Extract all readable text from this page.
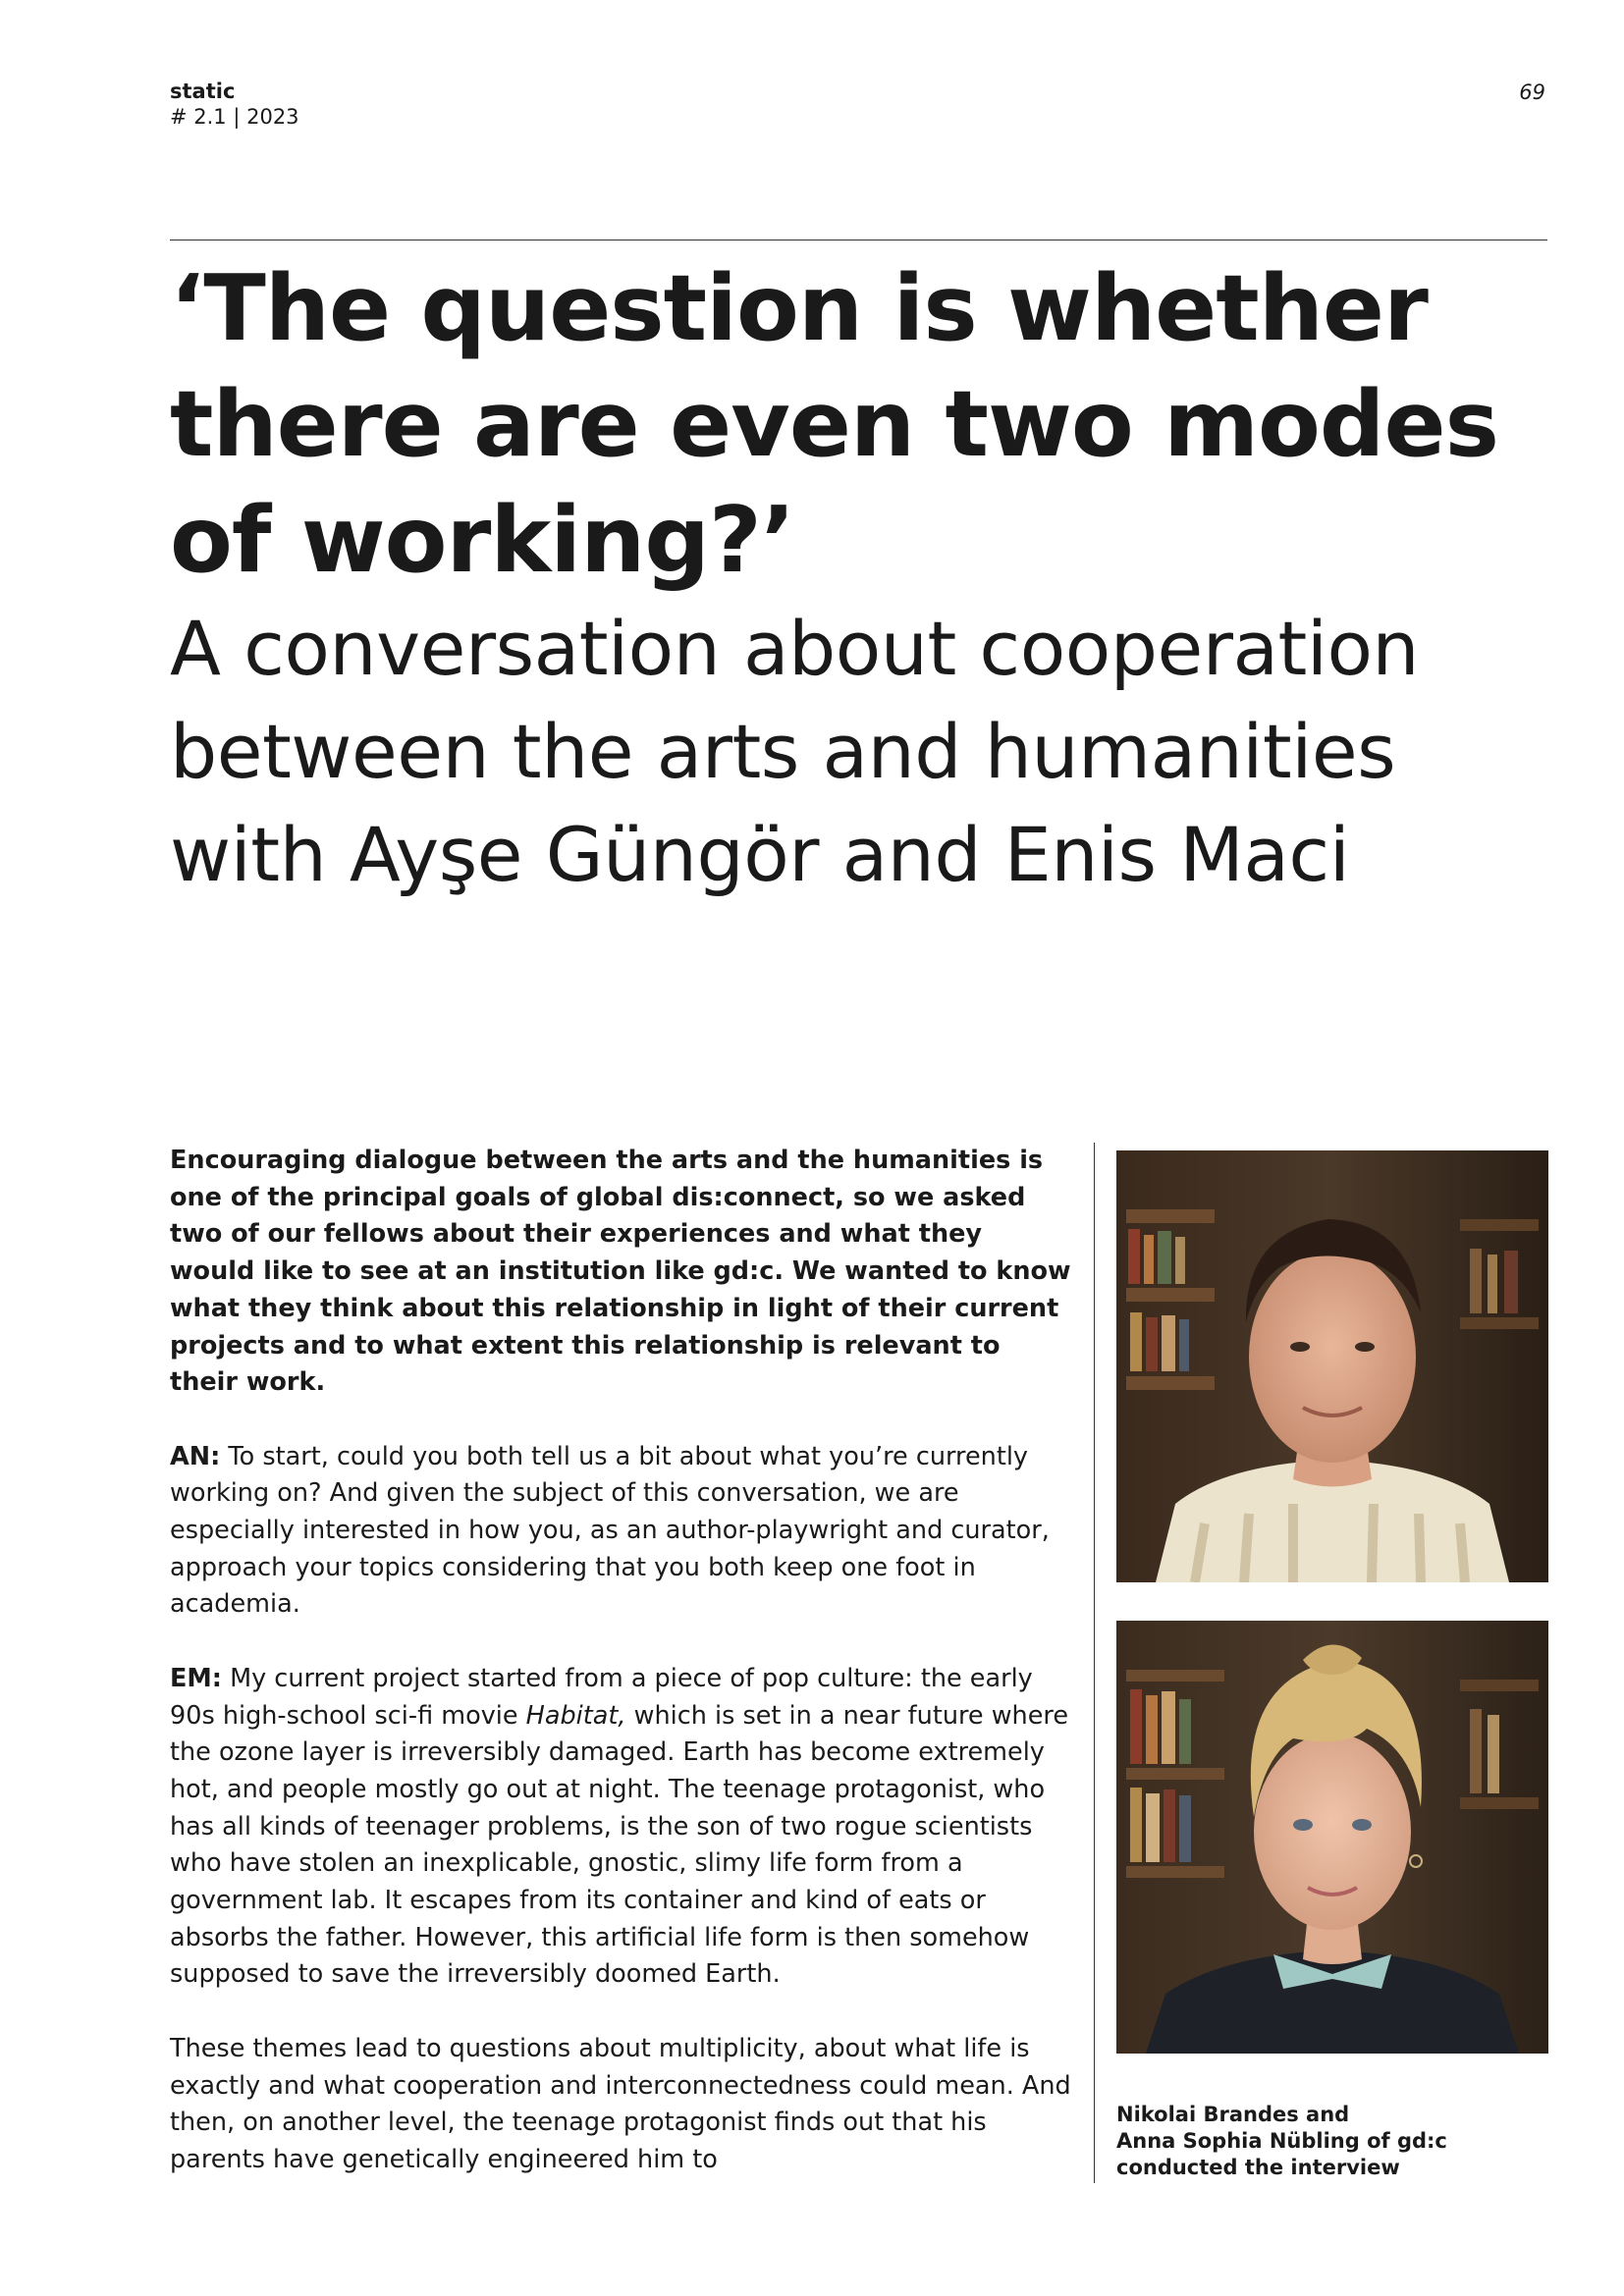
static
# 2.1 | 2023
69
‘The question is whether
there are even two modes
of working?’
A conversation about cooperation
between the arts and humanities
with Ayşe Güngör and Enis Maci

Encouraging dialogue between the arts and the humanities is one of the principal goals of global dis:connect, so we asked two of our fellows about their experiences and what they would like to see at an institution like gd:c. We wanted to know what they think about this relationship in light of their current projects and to what extent this relationship is relevant to their work.

AN: To start, could you both tell us a bit about what you’re currently working on? And given the subject of this conversation, we are especially interested in how you, as an author-playwright and curator, approach your topics considering that you both keep one foot in academia.

EM: My current project started from a piece of pop culture: the early 90s high-school sci-fi movie Habitat, which is set in a near future where the ozone layer is irreversibly damaged. Earth has become extremely hot, and people mostly go out at night. The teenage protagonist, who has all kinds of teenager problems, is the son of two rogue scientists who have stolen an inexplicable, gnostic, slimy life form from a government lab. It escapes from its container and kind of eats or absorbs the father. However, this artificial life form is then somehow supposed to save the irreversibly doomed Earth.

These themes lead to questions about multiplicity, about what life is exactly and what cooperation and interconnectedness could mean. And then, on another level, the teenage protagonist finds out that his parents have genetically engineered him to

Nikolai Brandes and
Anna Sophia Nübling of gd:c
conducted the interview
